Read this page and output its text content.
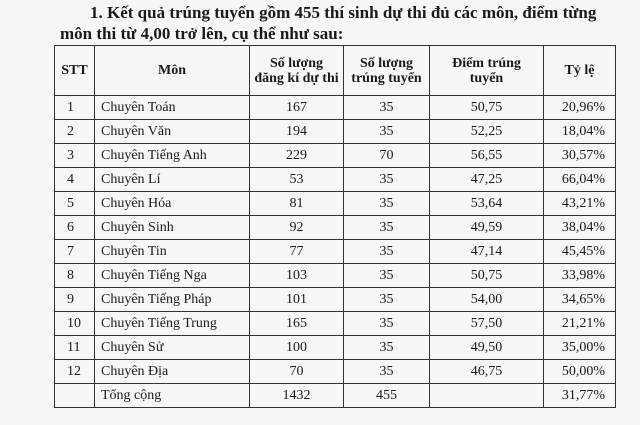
1. Kết quả trúng tuyển gồm 455 thí sinh dự thi đủ các môn, điểm từng
môn thi từ 4,00 trở lên, cụ thể như sau:
STT	Môn	Số lượng đăng kí dự thi	Số lượng trúng tuyển	Điểm trúng tuyển	Tỷ lệ
1	Chuyên Toán	167	35	50,75	20,96%
2	Chuyên Văn	194	35	52,25	18,04%
3	Chuyên Tiếng Anh	229	70	56,55	30,57%
4	Chuyên Lí	53	35	47,25	66,04%
5	Chuyên Hóa	81	35	53,64	43,21%
6	Chuyên Sinh	92	35	49,59	38,04%
7	Chuyên Tin	77	35	47,14	45,45%
8	Chuyên Tiếng Nga	103	35	50,75	33,98%
9	Chuyên Tiếng Pháp	101	35	54,00	34,65%
10	Chuyên Tiếng Trung	165	35	57,50	21,21%
11	Chuyên Sử	100	35	49,50	35,00%
12	Chuyên Địa	70	35	46,75	50,00%
	Tổng cộng	1432	455		31,77%
